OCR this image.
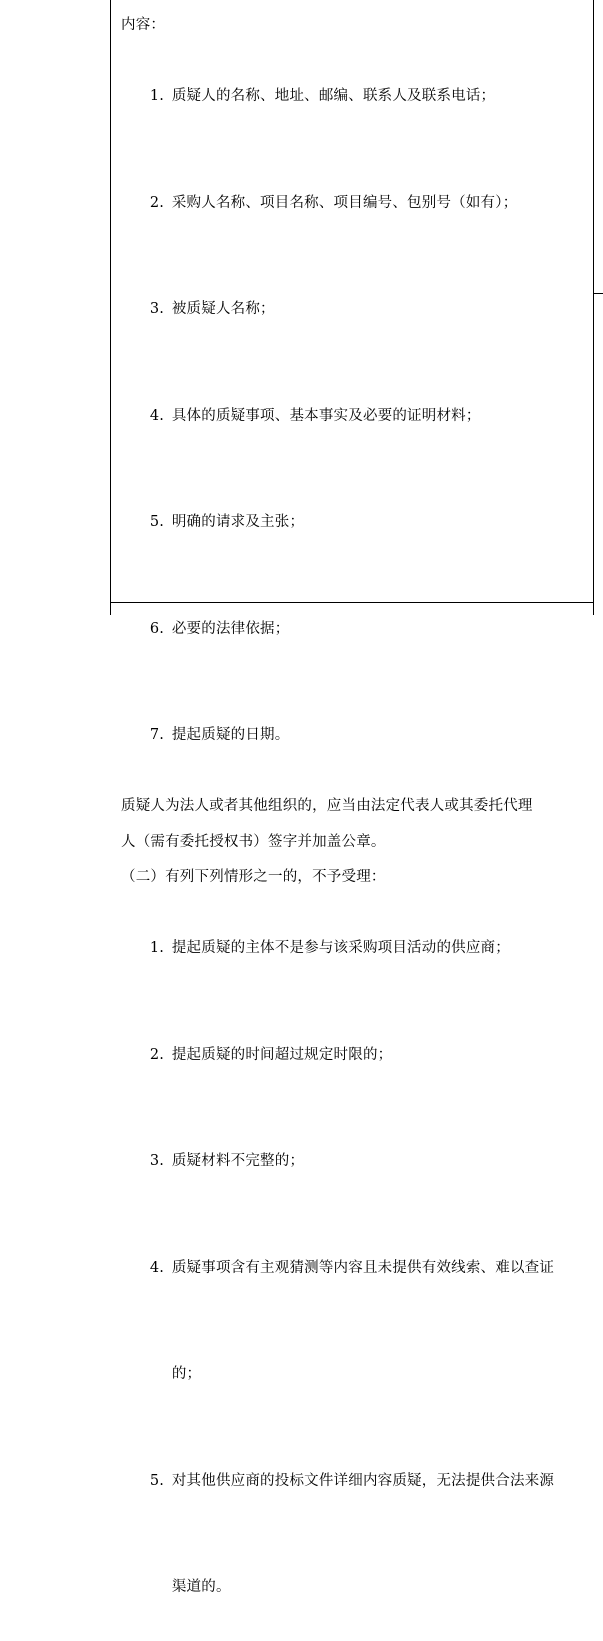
内容：

1. 质疑人的名称、地址、邮编、联系人及联系电话；

2. 采购人名称、项目名称、项目编号、包别号（如有）；

3. 被质疑人名称；

4. 具体的质疑事项、基本事实及必要的证明材料；

5. 明确的请求及主张；

6. 必要的法律依据；

7. 提起质疑的日期。

质疑人为法人或者其他组织的，应当由法定代表人或其委托代理
人（需有委托授权书）签字并加盖公章。
（二）有列下列情形之一的，不予受理：

1. 提起质疑的主体不是参与该采购项目活动的供应商；

2. 提起质疑的时间超过规定时限的；

3. 质疑材料不完整的；

4. 质疑事项含有主观猜测等内容且未提供有效线索、难以查证

的；

5. 对其他供应商的投标文件详细内容质疑，无法提供合法来源

渠道的。
